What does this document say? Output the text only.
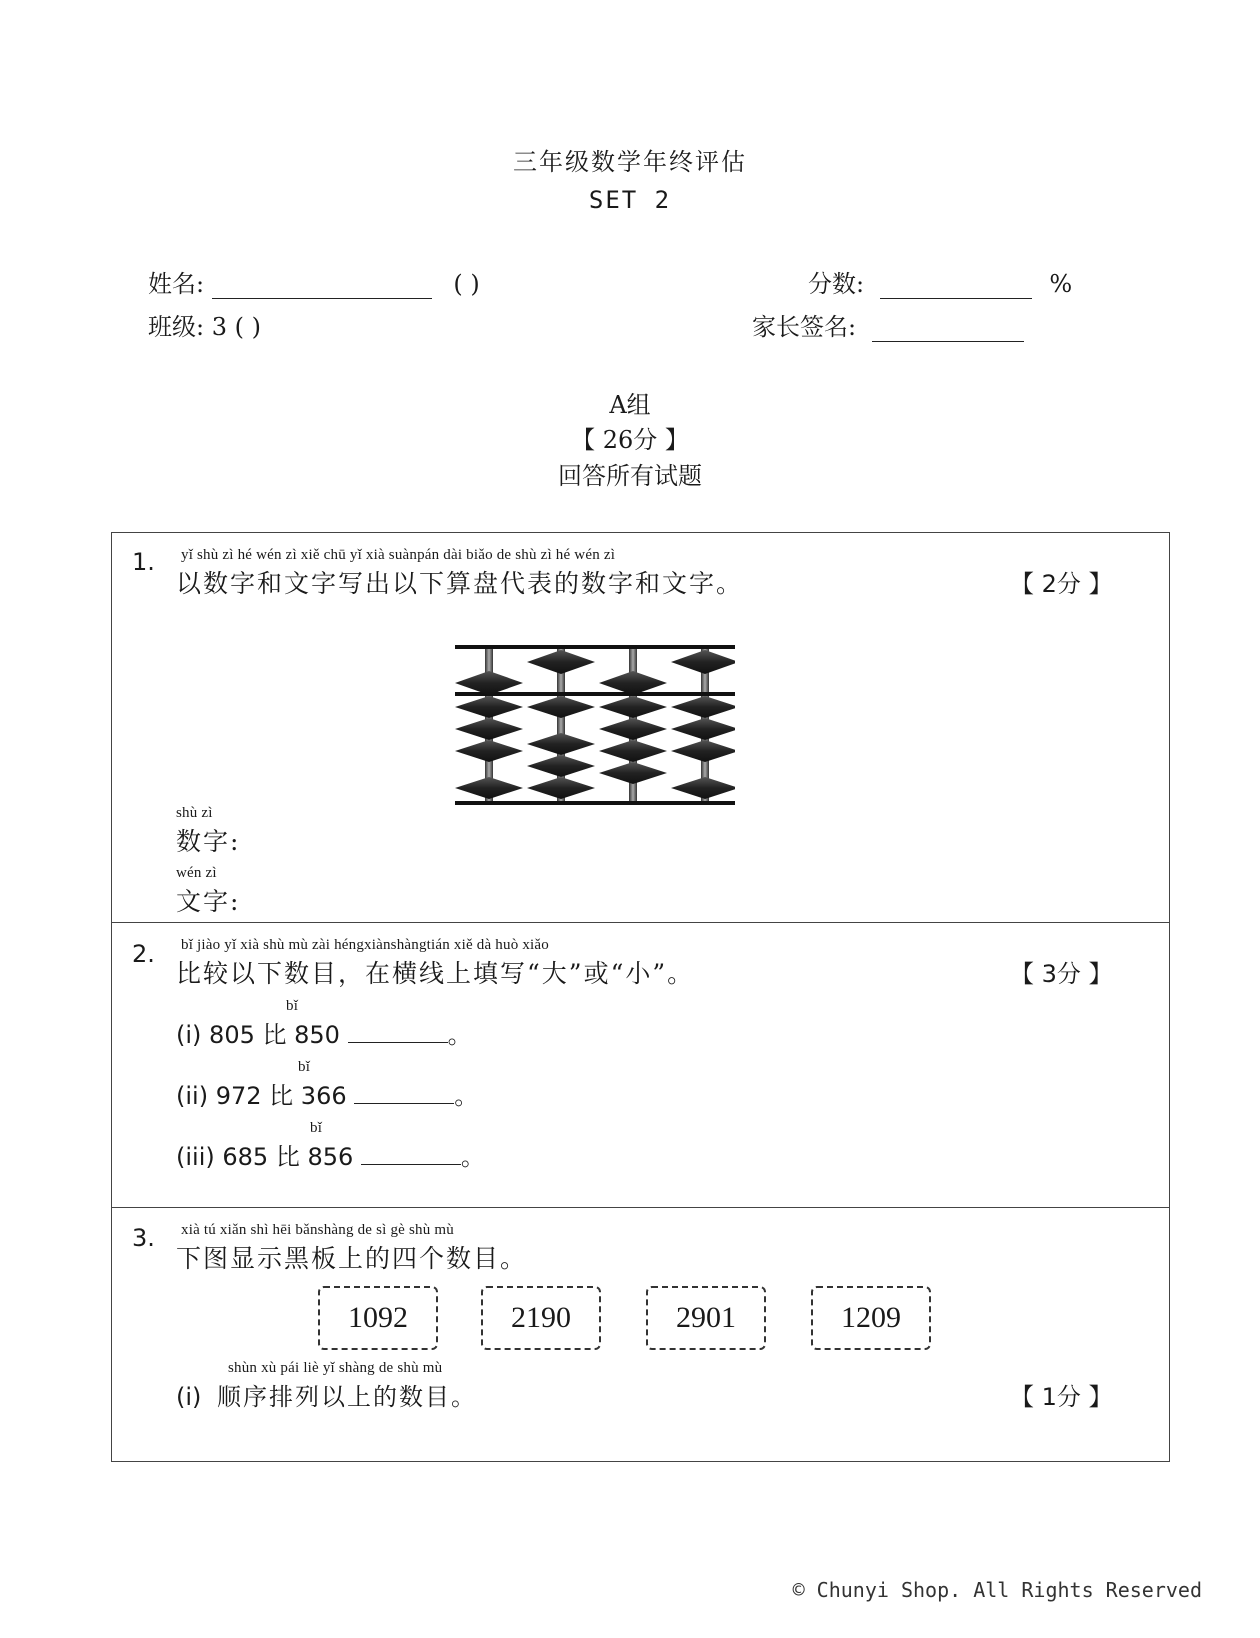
三年级数学年终评估
SET 2
姓名:	( )	分数:	%
班级: 3 ( )	家长签名:
A组
【 26分 】
回答所有试题
1. yǐ shù zì hé wén zì xiě chū yǐ xià suànpán dài biǎo de shù zì hé wén zì
以数字和文字写出以下算盘代表的数字和文字。	【 2分 】
shù zì
数字:
wén zì
文字:
2. bǐ jiào yǐ xià shù mù zài héngxiànshàngtián xiě dà huò xiǎo
比较以下数目，在横线上填写“大”或“小”。	【 3分 】
bǐ
(i) 805 比 850	。
bǐ
(ii) 972 比 366	。
bǐ
(iii) 685 比 856	。
3. xià tú xiǎn shì hēi bǎnshàng de sì gè shù mù
下图显示黑板上的四个数目。
1092	2190	2901	1209
shùn xù pái liè yǐ shàng de shù mù
(i) 顺序排列以上的数目。	【 1分 】
© Chunyi Shop. All Rights Reserved
